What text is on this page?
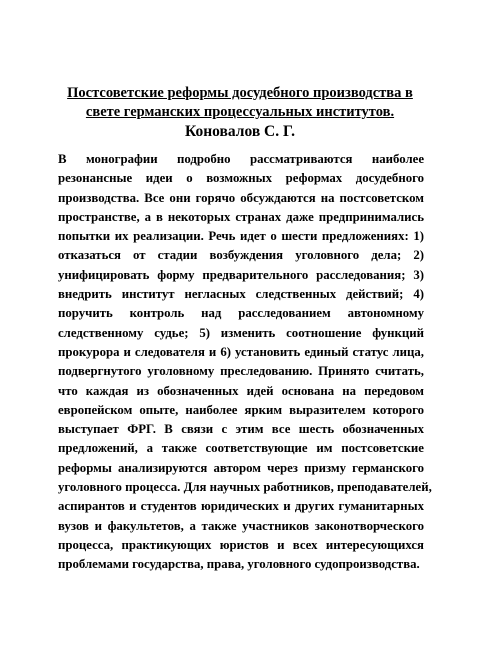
Постсоветские реформы досудебного производства в
свете германских процессуальных институтов.
Коновалов С. Г.
В монографии подробно рассматриваются наиболее
резонансные идеи о возможных реформах досудебного
производства. Все они горячо обсуждаются на постсоветском
пространстве, а в некоторых странах даже предпринимались
попытки их реализации. Речь идет о шести предложениях: 1)
отказаться от стадии возбуждения уголовного дела; 2)
унифицировать форму предварительного расследования; 3)
внедрить институт негласных следственных действий; 4)
поручить контроль над расследованием автономному
следственному судье; 5) изменить соотношение функций
прокурора и следователя и 6) установить единый статус лица,
подвергнутого уголовному преследованию. Принято считать,
что каждая из обозначенных идей основана на передовом
европейском опыте, наиболее ярким выразителем которого
выступает ФРГ. В связи с этим все шесть обозначенных
предложений, а также соответствующие им постсоветские
реформы анализируются автором через призму германского
уголовного процесса. Для научных работников, преподавателей,
аспирантов и студентов юридических и других гуманитарных
вузов и факультетов, а также участников законотворческого
процесса, практикующих юристов и всех интересующихся
проблемами государства, права, уголовного судопроизводства.
